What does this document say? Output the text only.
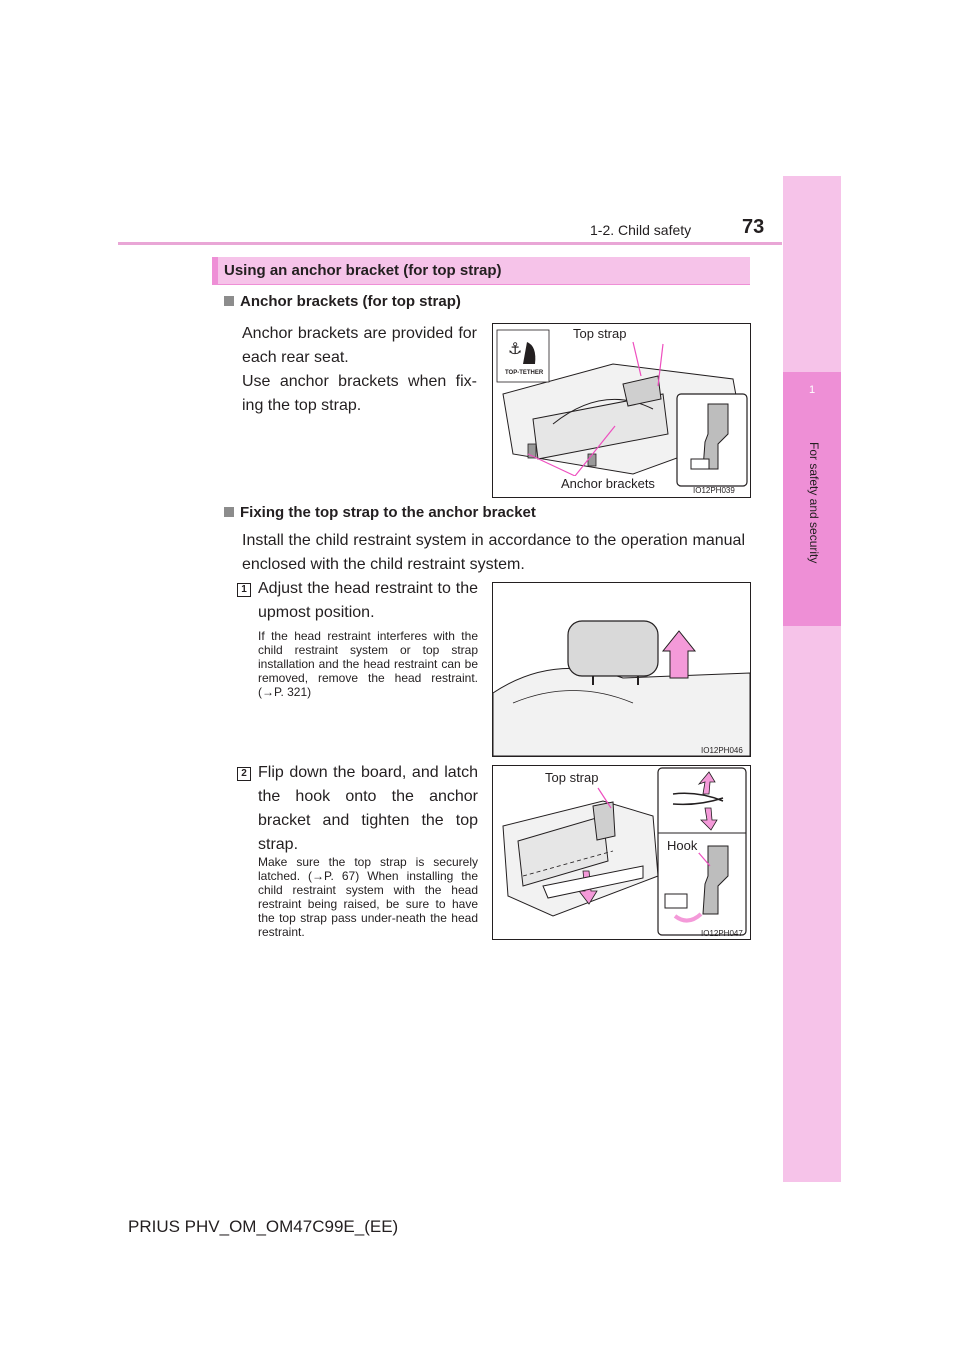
1-2. Child safety	73
1
For safety and security
Using an anchor bracket (for top strap)
Anchor brackets (for top strap)
Anchor brackets are provided for each rear seat.
Use anchor brackets when fix-ing the top strap.
⚓
TOP-TETHER
Top strap
Anchor brackets	IO12PH039
Fixing the top strap to the anchor bracket
Install the child restraint system in accordance to the operation manual enclosed with the child restraint system.
1 Adjust the head restraint to the upmost position.
If the head restraint interferes with the child restraint system or top strap installation and the head restraint can be removed, remove the head restraint. (→P. 321)
IO12PH046
2 Flip down the board, and latch the hook onto the anchor bracket and tighten the top strap.
Make sure the top strap is securely latched. (→P. 67) When installing the child restraint system with the head restraint being raised, be sure to have the top strap pass under-neath the head restraint.
Top strap
Hook
IO12PH047
PRIUS PHV_OM_OM47C99E_(EE)
